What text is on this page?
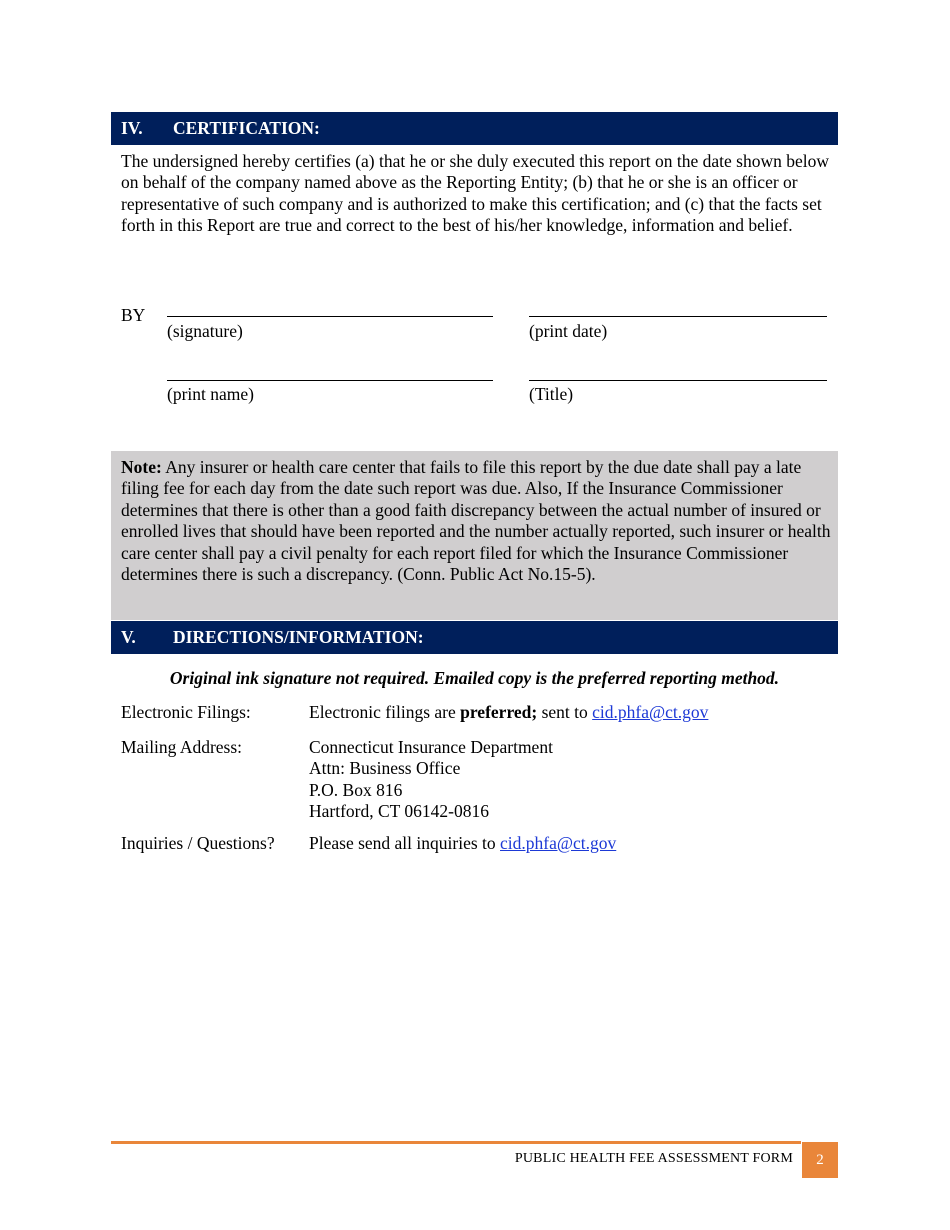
IV. CERTIFICATION:

The undersigned hereby certifies (a) that he or she duly executed this report on the date shown below on behalf of the company named above as the Reporting Entity; (b) that he or she is an officer or representative of such company and is authorized to make this certification; and (c) that the facts set forth in this Report are true and correct to the best of his/her knowledge, information and belief.

BY
(signature)	(print date)
(print name)	(Title)

Note: Any insurer or health care center that fails to file this report by the due date shall pay a late filing fee for each day from the date such report was due. Also, If the Insurance Commissioner determines that there is other than a good faith discrepancy between the actual number of insured or enrolled lives that should have been reported and the number actually reported, such insurer or health care center shall pay a civil penalty for each report filed for which the Insurance Commissioner determines there is such a discrepancy. (Conn. Public Act No.15-5).

V. DIRECTIONS/INFORMATION:
Original ink signature not required. Emailed copy is the preferred reporting method.
Electronic Filings:	Electronic filings are preferred; sent to cid.phfa@ct.gov
Mailing Address:	Connecticut Insurance Department
Attn: Business Office
P.O. Box 816
Hartford, CT 06142-0816
Inquiries / Questions? Please send all inquiries to cid.phfa@ct.gov
PUBLIC HEALTH FEE ASSESSMENT FORM	2
